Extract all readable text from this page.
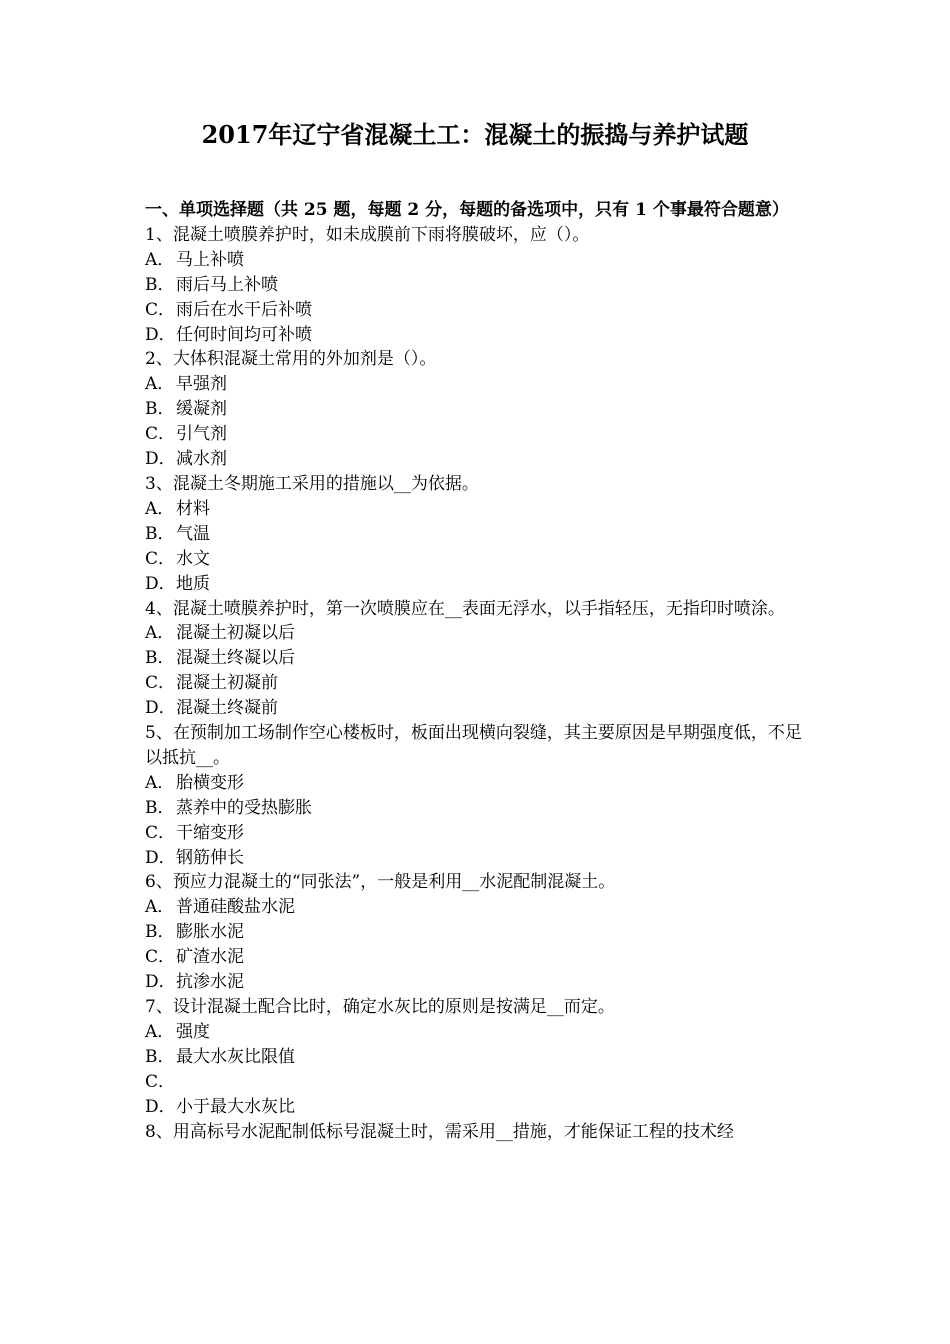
2017年辽宁省混凝土工：混凝土的振捣与养护试题

一、单项选择题（共 25 题，每题 2 分，每题的备选项中，只有 1 个事最符合题意）

1、混凝土喷膜养护时，如未成膜前下雨将膜破坏，应（）。

A． 马上补喷

B．雨后马上补喷

C．雨后在水干后补喷

D．任何时间均可补喷

2、大体积混凝土常用的外加剂是（）。

A． 早强剂

B．缓凝剂

C．引气剂

D．减水剂

3、混凝土冬期施工采用的措施以__为依据。

A． 材料

B．气温

C．水文

D．地质

4、混凝土喷膜养护时，第一次喷膜应在__表面无浮水，以手指轻压，无指印时喷涂。

A． 混凝土初凝以后

B．混凝土终凝以后

C．混凝土初凝前

D．混凝土终凝前

5、在预制加工场制作空心楼板时，板面出现横向裂缝，其主要原因是早期强度低，不足以抵抗__。

A． 胎横变形

B．蒸养中的受热膨胀

C．干缩变形

D．钢筋伸长

6、预应力混凝土的“同张法”，一般是利用__水泥配制混凝土。

A． 普通硅酸盐水泥

B．膨胀水泥

C．矿渣水泥

D．抗渗水泥

7、设计混凝土配合比时，确定水灰比的原则是按满足__而定。

A． 强度

B．最大水灰比限值

C．

D．小于最大水灰比

8、用高标号水泥配制低标号混凝土时，需采用__措施，才能保证工程的技术经
